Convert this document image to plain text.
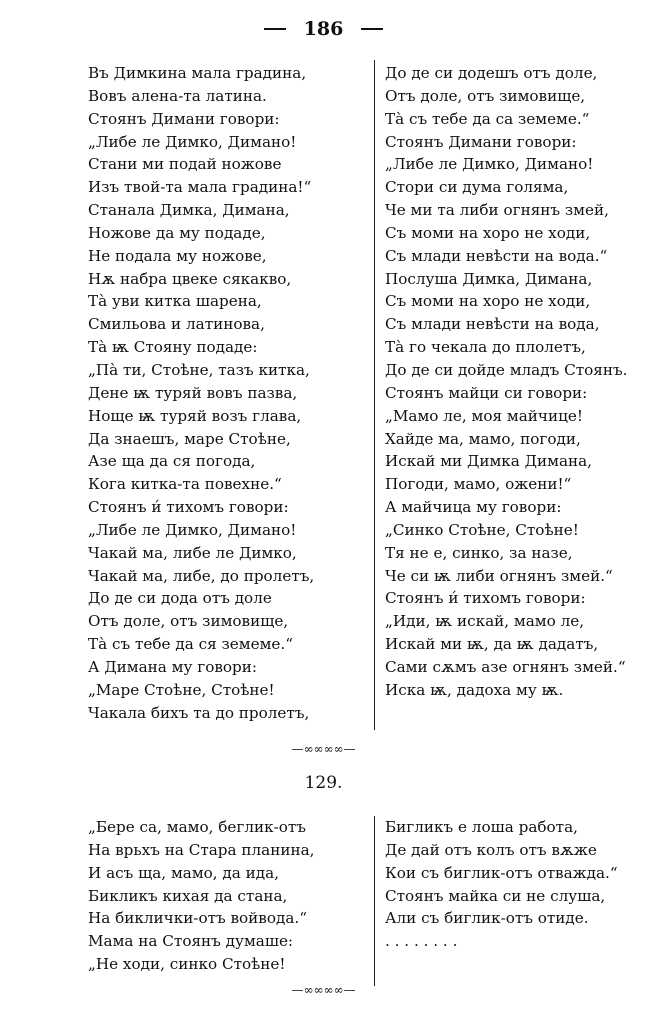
186
Въ Димкина мала градина,
Вовъ алена-та латина.
Стоянъ Димани говори:
„Либе ле Димко, Димано!
Стани ми подай ножове
Изъ твой-та мала градина!“
Станала Димка, Димана,
Ножове да му подаде,
Не подала му ножове,
Нѫ набра цвеке сякакво,
Тà уви китка шарена,
Смильова и латинова,
Тà ѭ Стояну подаде:
„Пà ти, Стоѣне, тазъ китка,
Дене ѭ туряй вовъ пазва,
Ноще ѭ туряй возъ глава,
Да знаешъ, маре Стоѣне,
Азе ща да ся погода,
Кога китка-та повехне.“
Стоянъ и́ тихомъ говори:
„Либе ле Димко, Димано!
Чакай ма, либе ле Димко,
Чакай ма, либе, до пролетъ,
До де си дода отъ доле
Отъ доле, отъ зимовище,
Тà съ тебе да ся земеме.“
А Димана му говори:
„Маре Стоѣне, Стоѣне!
Чакала бихъ та до пролетъ,
До де си додешъ отъ доле,
Отъ доле, отъ зимовище,
Тà съ тебе да са земеме.“
Стоянъ Димани говори:
„Либе ле Димко, Димано!
Стори си дума голяма,
Че ми та либи огнянъ змей,
Съ моми на хоро не ходи,
Съ млади невѣсти на вода.“
Послуша Димка, Димана,
Съ моми на хоро не ходи,
Съ млади невѣсти на вода,
Тà го чекала до плолетъ,
До де си дойде младъ Стоянъ.
Стоянъ майци си говори:
„Мамо ле, моя майчице!
Хайде ма, мамо, погоди,
Искай ми Димка Димана,
Погоди, мамо, ожени!“
А майчица му говори:
„Синко Стоѣне, Стоѣне!
Тя не е, синко, за назе,
Че си ѭ либи огнянъ змей.“
Стоянъ и́ тихомъ говори:
„Иди, ѭ искай, мамо ле,
Искай ми ѭ, да ѭ дадатъ,
Сами сѫмъ азе огнянъ змей.“
Иска ѭ, дадоха му ѭ.
—∞∞∞∞—
129.
„Бере са, мамо, беглик-отъ
На врьхъ на Стара планина,
И асъ ща, мамо, да ида,
Бикликъ кихая да стана,
На биклички-отъ войвода.“
Мама на Стоянъ думаше:
„Не ходи, синко Стоѣне!
Бигликъ е лоша работа,
Де дай отъ колъ отъ вѫже
Кои съ биглик-отъ отважда.“
Стоянъ майка си не слуша,
Али съ биглик-отъ отиде.
. . . . . . . .
—∞∞∞∞—
